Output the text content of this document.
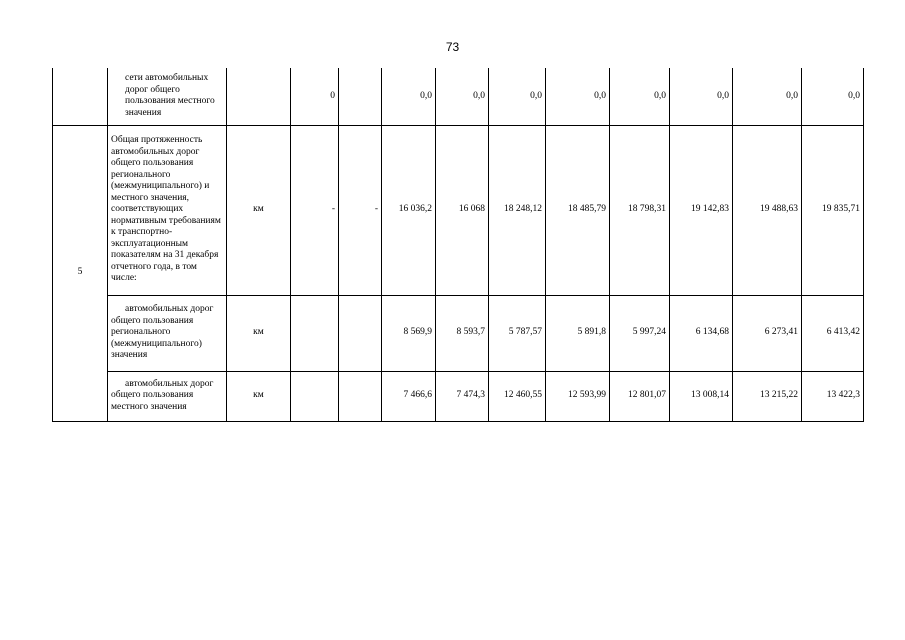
73

	сети автомобильных дорог общего пользования местного значения		0		0,0	0,0	0,0	0,0	0,0	0,0	0,0	0,0
5	Общая протяженность автомобильных дорог общего пользования регионального (межмуниципального) и местного значения, соответствующих нормативным требованиям к транспортно-эксплуатационным показателям на 31 декабря отчетного года, в том числе:	км	-	-	16 036,2	16 068	18 248,12	18 485,79	18 798,31	19 142,83	19 488,63	19 835,71

	автомобильных дорог общего пользования регионального (межмуниципального) значения	км			8 569,9	8 593,7	5 787,57	5 891,8	5 997,24	6 134,68	6 273,41	6 413,42

	автомобильных дорог общего пользования местного значения	км			7 466,6	7 474,3	12 460,55	12 593,99	12 801,07	13 008,14	13 215,22	13 422,3
